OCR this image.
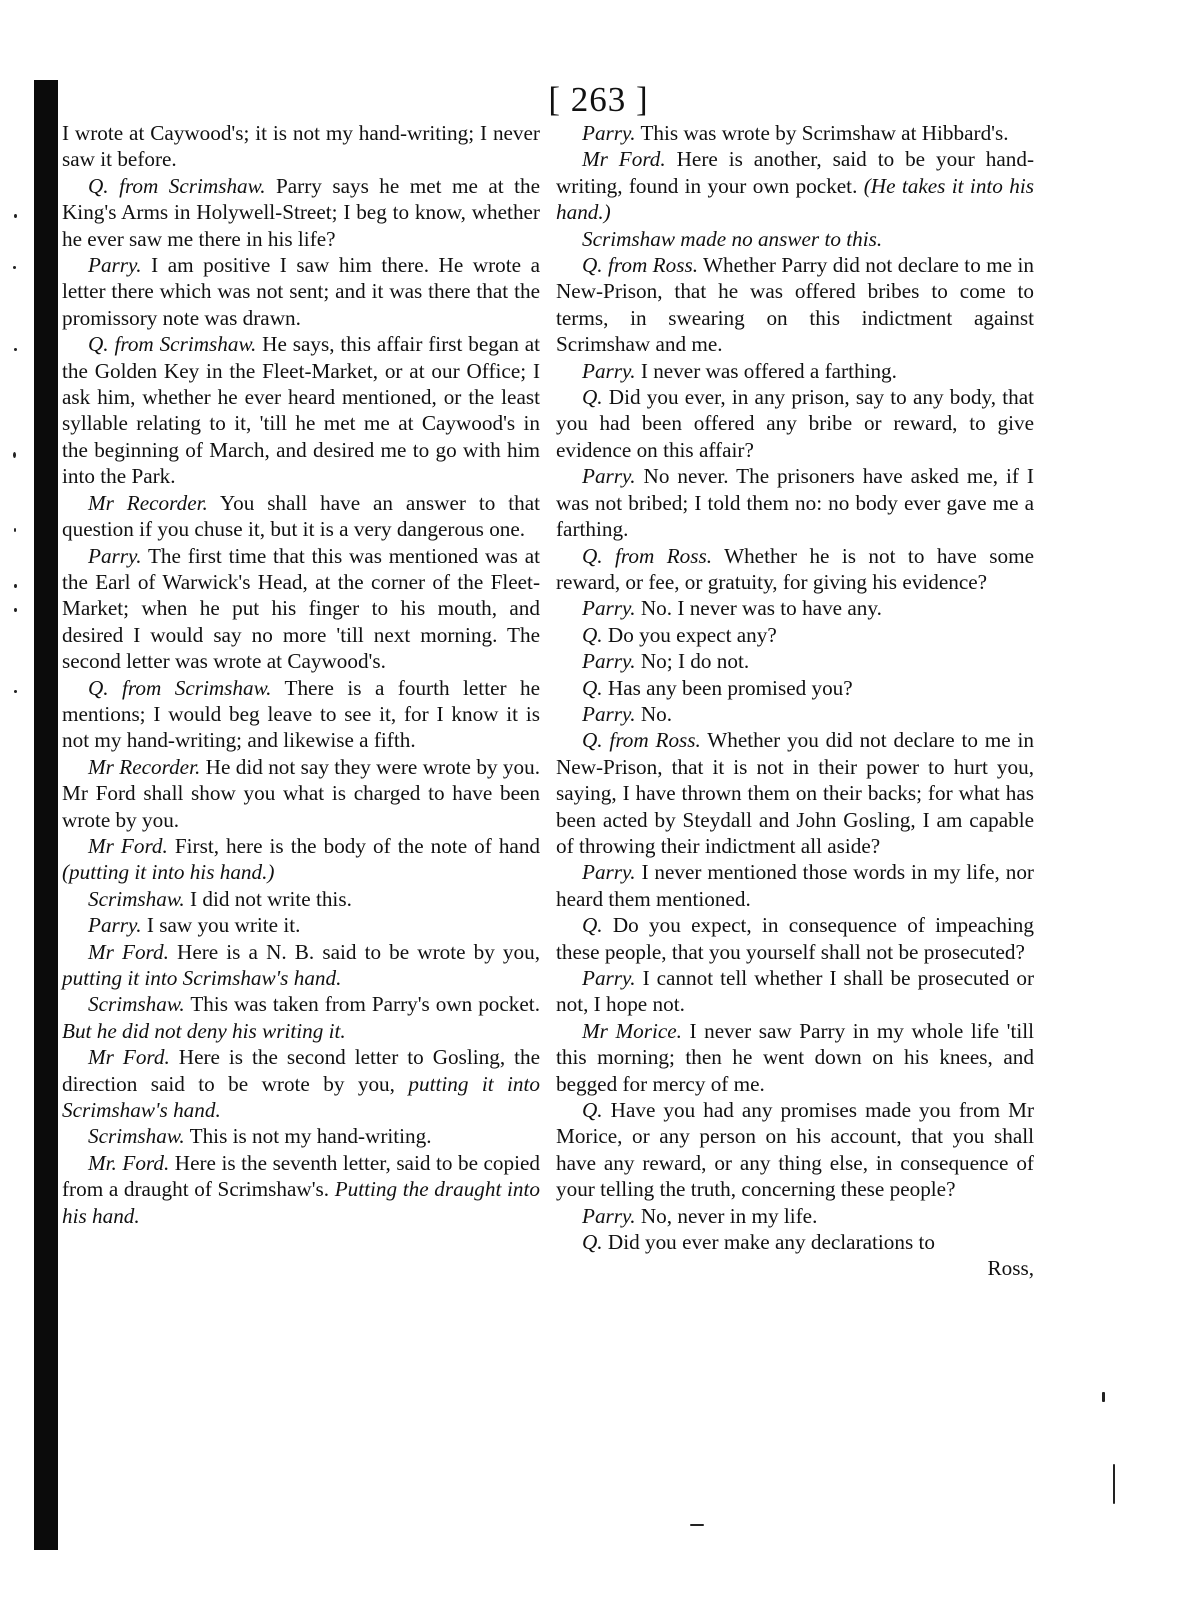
[ 263 ]

I wrote at Caywood's; it is not my hand-writing; I never saw it before.

Q. from Scrimshaw. Parry says he met me at the King's Arms in Holywell-Street; I beg to know, whether he ever saw me there in his life?

Parry. I am positive I saw him there. He wrote a letter there which was not sent; and it was there that the promissory note was drawn.

Q. from Scrimshaw. He says, this affair first began at the Golden Key in the Fleet-Market, or at our Office; I ask him, whether he ever heard mentioned, or the least syllable relating to it, 'till he met me at Caywood's in the beginning of March, and desired me to go with him into the Park.

Mr Recorder. You shall have an answer to that question if you chuse it, but it is a very dangerous one.

Parry. The first time that this was mentioned was at the Earl of Warwick's Head, at the corner of the Fleet-Market; when he put his finger to his mouth, and desired I would say no more 'till next morning. The second letter was wrote at Caywood's.

Q. from Scrimshaw. There is a fourth letter he mentions; I would beg leave to see it, for I know it is not my hand-writing; and likewise a fifth.

Mr Recorder. He did not say they were wrote by you. Mr Ford shall show you what is charged to have been wrote by you.

Mr Ford. First, here is the body of the note of hand (putting it into his hand.)

Scrimshaw. I did not write this.

Parry. I saw you write it.

Mr Ford. Here is a N. B. said to be wrote by you, putting it into Scrimshaw's hand.

Scrimshaw. This was taken from Parry's own pocket. But he did not deny his writing it.

Mr Ford. Here is the second letter to Gosling, the direction said to be wrote by you, putting it into Scrimshaw's hand.

Scrimshaw. This is not my hand-writing.

Mr. Ford. Here is the seventh letter, said to be copied from a draught of Scrimshaw's. Putting the draught into his hand.

Parry. This was wrote by Scrimshaw at Hibbard's.

Mr Ford. Here is another, said to be your hand-writing, found in your own pocket. (He takes it into his hand.)

Scrimshaw made no answer to this.

Q. from Ross. Whether Parry did not declare to me in New-Prison, that he was offered bribes to come to terms, in swearing on this indictment against Scrimshaw and me.

Parry. I never was offered a farthing.

Q. Did you ever, in any prison, say to any body, that you had been offered any bribe or reward, to give evidence on this affair?

Parry. No never. The prisoners have asked me, if I was not bribed; I told them no: no body ever gave me a farthing.

Q. from Ross. Whether he is not to have some reward, or fee, or gratuity, for giving his evidence?

Parry. No. I never was to have any.

Q. Do you expect any?

Parry. No; I do not.

Q. Has any been promised you?

Parry. No.

Q. from Ross. Whether you did not declare to me in New-Prison, that it is not in their power to hurt you, saying, I have thrown them on their backs; for what has been acted by Steydall and John Gosling, I am capable of throwing their indictment all aside?

Parry. I never mentioned those words in my life, nor heard them mentioned.

Q. Do you expect, in consequence of impeaching these people, that you yourself shall not be prosecuted?

Parry. I cannot tell whether I shall be prosecuted or not, I hope not.

Mr Morice. I never saw Parry in my whole life 'till this morning; then he went down on his knees, and begged for mercy of me.

Q. Have you had any promises made you from Mr Morice, or any person on his account, that you shall have any reward, or any thing else, in consequence of your telling the truth, concerning these people?

Parry. No, never in my life.

Q. Did you ever make any declarations to

Ross,
